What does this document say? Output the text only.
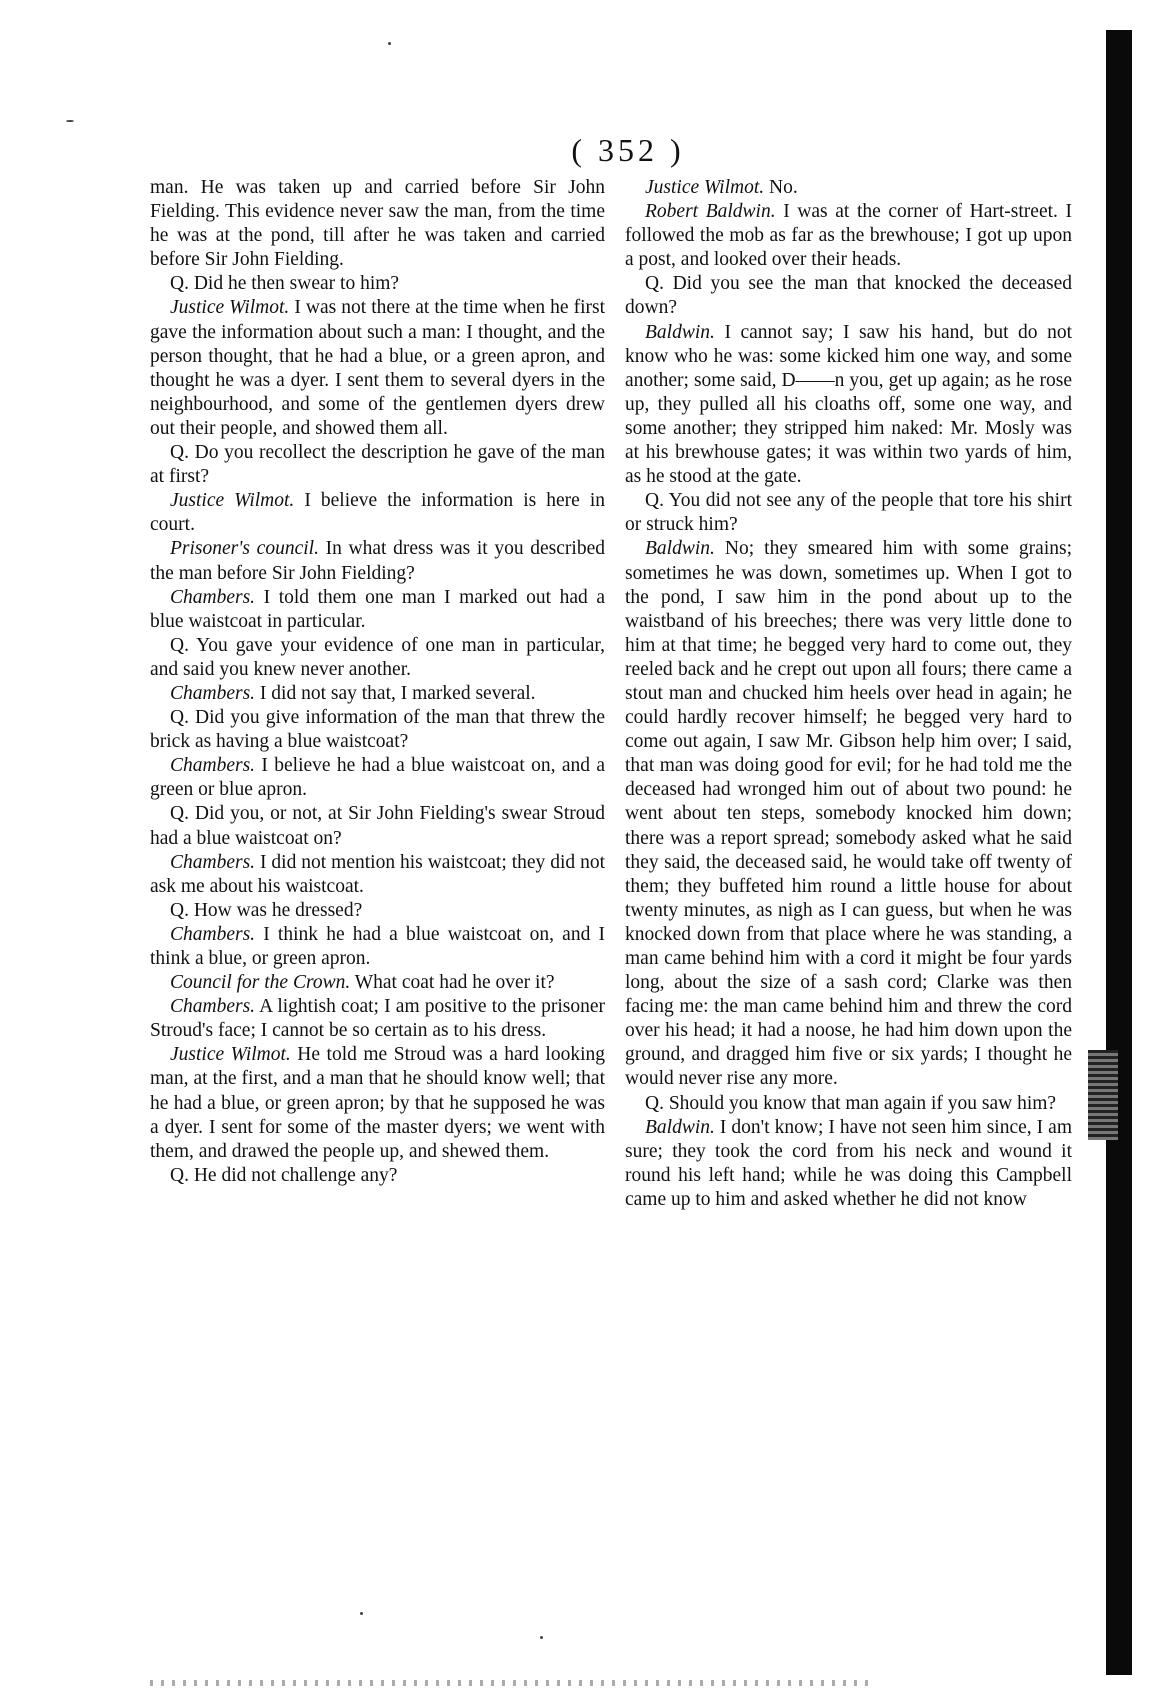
( 352 )

man. He was taken up and carried before Sir John Fielding. This evidence never saw the man, from the time he was at the pond, till after he was taken and carried before Sir John Fielding.

Q. Did he then swear to him?

Justice Wilmot. I was not there at the time when he first gave the information about such a man: I thought, and the person thought, that he had a blue, or a green apron, and thought he was a dyer. I sent them to several dyers in the neighbourhood, and some of the gentlemen dyers drew out their people, and showed them all.

Q. Do you recollect the description he gave of the man at first?

Justice Wilmot. I believe the information is here in court.

Prisoner's council. In what dress was it you described the man before Sir John Fielding?

Chambers. I told them one man I marked out had a blue waistcoat in particular.

Q. You gave your evidence of one man in particular, and said you knew never another.

Chambers. I did not say that, I marked several.

Q. Did you give information of the man that threw the brick as having a blue waistcoat?

Chambers. I believe he had a blue waistcoat on, and a green or blue apron.

Q. Did you, or not, at Sir John Fielding's swear Stroud had a blue waistcoat on?

Chambers. I did not mention his waistcoat; they did not ask me about his waistcoat.

Q. How was he dressed?

Chambers. I think he had a blue waistcoat on, and I think a blue, or green apron.

Council for the Crown. What coat had he over it?

Chambers. A lightish coat; I am positive to the prisoner Stroud's face; I cannot be so certain as to his dress.

Justice Wilmot. He told me Stroud was a hard looking man, at the first, and a man that he should know well; that he had a blue, or green apron; by that he supposed he was a dyer. I sent for some of the master dyers; we went with them, and drawed the people up, and shewed them.

Q. He did not challenge any?

Justice Wilmot. No.

Robert Baldwin. I was at the corner of Hart-street. I followed the mob as far as the brewhouse; I got up upon a post, and looked over their heads.

Q. Did you see the man that knocked the deceased down?

Baldwin. I cannot say; I saw his hand, but do not know who he was: some kicked him one way, and some another; some said, D——n you, get up again; as he rose up, they pulled all his cloaths off, some one way, and some another; they stripped him naked: Mr. Mosly was at his brewhouse gates; it was within two yards of him, as he stood at the gate.

Q. You did not see any of the people that tore his shirt or struck him?

Baldwin. No; they smeared him with some grains; sometimes he was down, sometimes up. When I got to the pond, I saw him in the pond about up to the waistband of his breeches; there was very little done to him at that time; he begged very hard to come out, they reeled back and he crept out upon all fours; there came a stout man and chucked him heels over head in again; he could hardly recover himself; he begged very hard to come out again, I saw Mr. Gibson help him over; I said, that man was doing good for evil; for he had told me the deceased had wronged him out of about two pound: he went about ten steps, somebody knocked him down; there was a report spread; somebody asked what he said they said, the deceased said, he would take off twenty of them; they buffeted him round a little house for about twenty minutes, as nigh as I can guess, but when he was knocked down from that place where he was standing, a man came behind him with a cord it might be four yards long, about the size of a sash cord; Clarke was then facing me: the man came behind him and threw the cord over his head; it had a noose, he had him down upon the ground, and dragged him five or six yards; I thought he would never rise any more.

Q. Should you know that man again if you saw him?

Baldwin. I don't know; I have not seen him since, I am sure; they took the cord from his neck and wound it round his left hand; while he was doing this Campbell came up to him and asked whether he did not know
